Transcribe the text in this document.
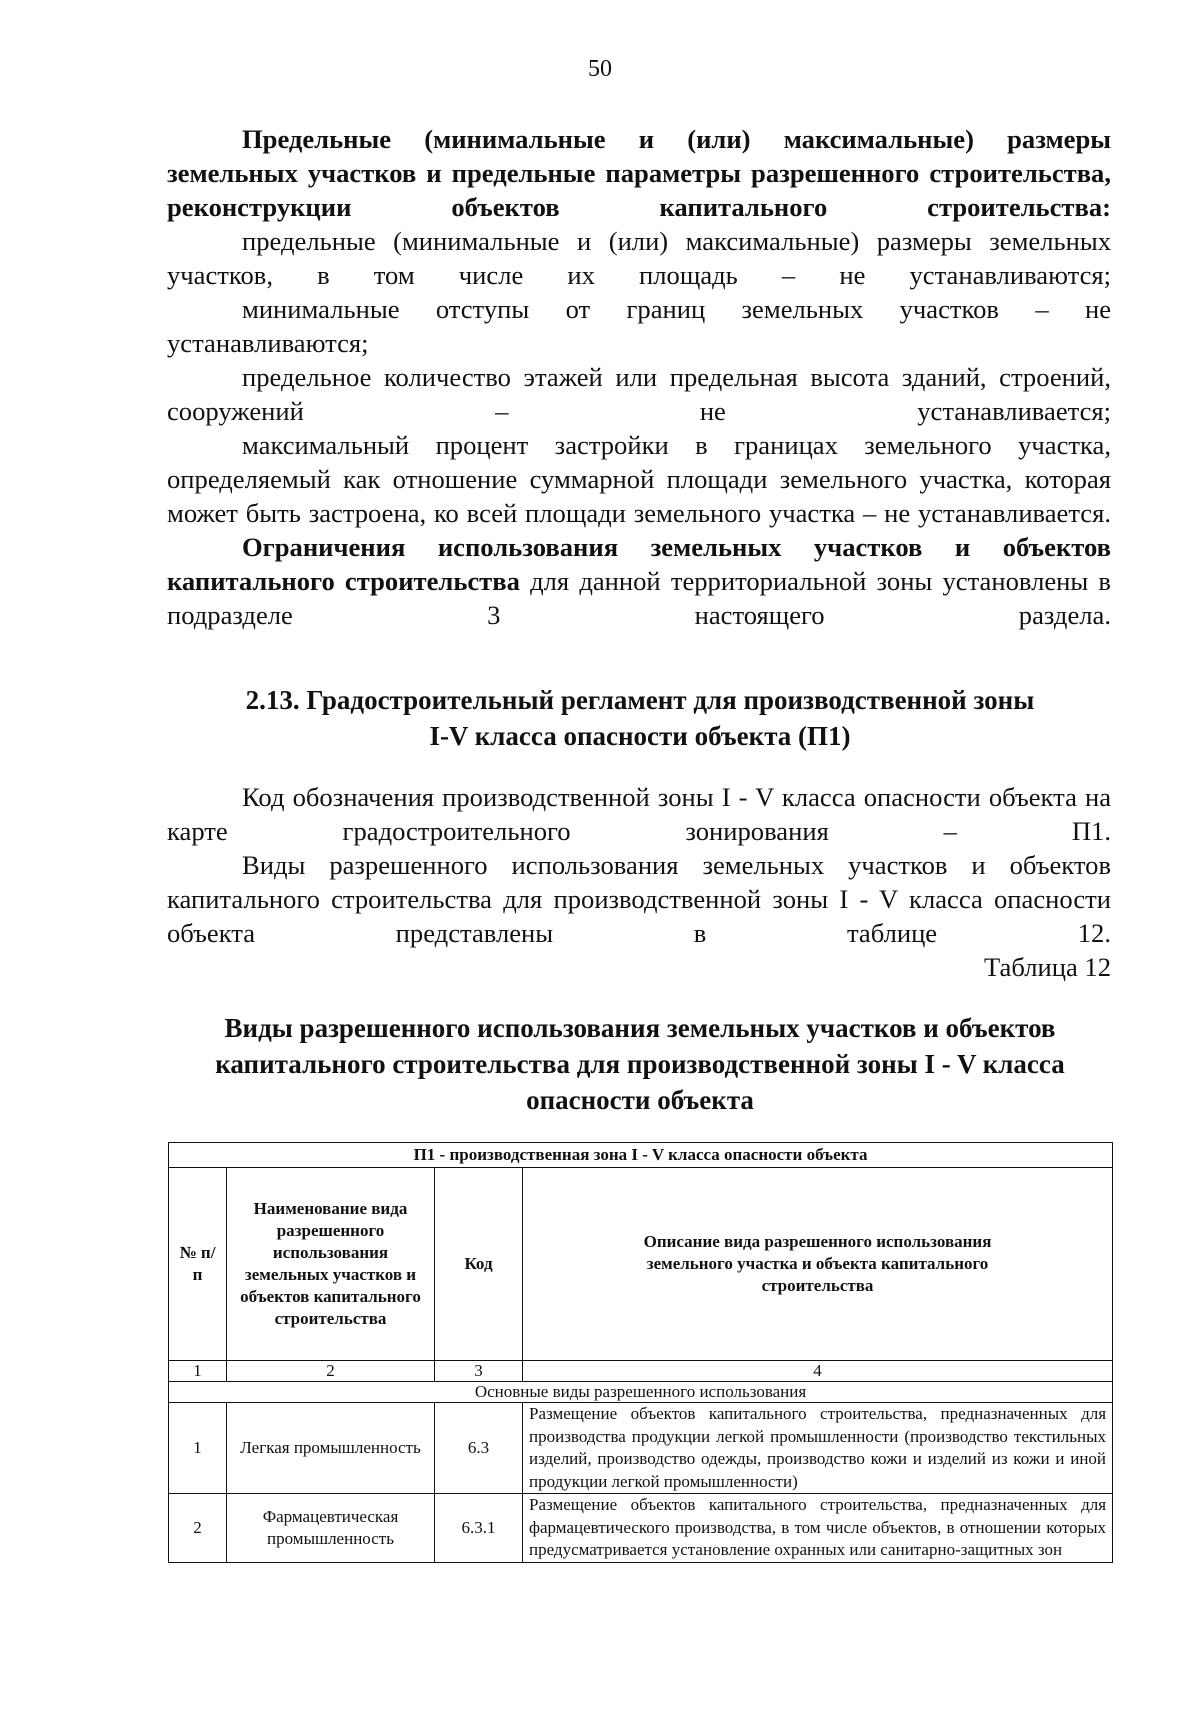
50

Предельные (минимальные и (или) максимальные) размеры земельных участков и предельные параметры разрешенного строительства, реконструкции объектов капитального строительства:

предельные (минимальные и (или) максимальные) размеры земельных участков, в том числе их площадь – не устанавливаются;

минимальные отступы от границ земельных участков – не устанавливаются;

предельное количество этажей или предельная высота зданий, строений, сооружений – не устанавливается;

максимальный процент застройки в границах земельного участка, определяемый как отношение суммарной площади земельного участка, которая может быть застроена, ко всей площади земельного участка – не устанавливается.

Ограничения использования земельных участков и объектов капитального строительства для данной территориальной зоны установлены в подразделе 3 настоящего раздела.

2.13. Градостроительный регламент для производственной зоны
I-V класса опасности объекта (П1)

Код обозначения производственной зоны I - V класса опасности объекта на карте градостроительного зонирования – П1.

Виды разрешенного использования земельных участков и объектов капитального строительства для производственной зоны I - V класса опасности объекта представлены в таблице 12.

Таблица 12

Виды разрешенного использования земельных участков и объектов
капитального строительства для производственной зоны I - V класса
опасности объекта
П1 - производственная зона I - V класса опасности объекта			
№ п/п	Наименование вида разрешенного использования земельных участков и объектов капитального строительства	Код	Описание вида разрешенного использования земельного участка и объекта капитального строительства
1	2	3	4
Основные виды разрешенного использования			
1	Легкая промышленность	6.3	Размещение объектов капитального строительства, предназначенных для производства продукции легкой промышленности (производство текстильных изделий, производство одежды, производство кожи и изделий из кожи и иной продукции легкой промышленности)
2	Фармацевтическая промышленность	6.3.1	Размещение объектов капитального строительства, предназначенных для фармацевтического производства, в том числе объектов, в отношении которых предусматривается установление охранных или санитарно-защитных зон
